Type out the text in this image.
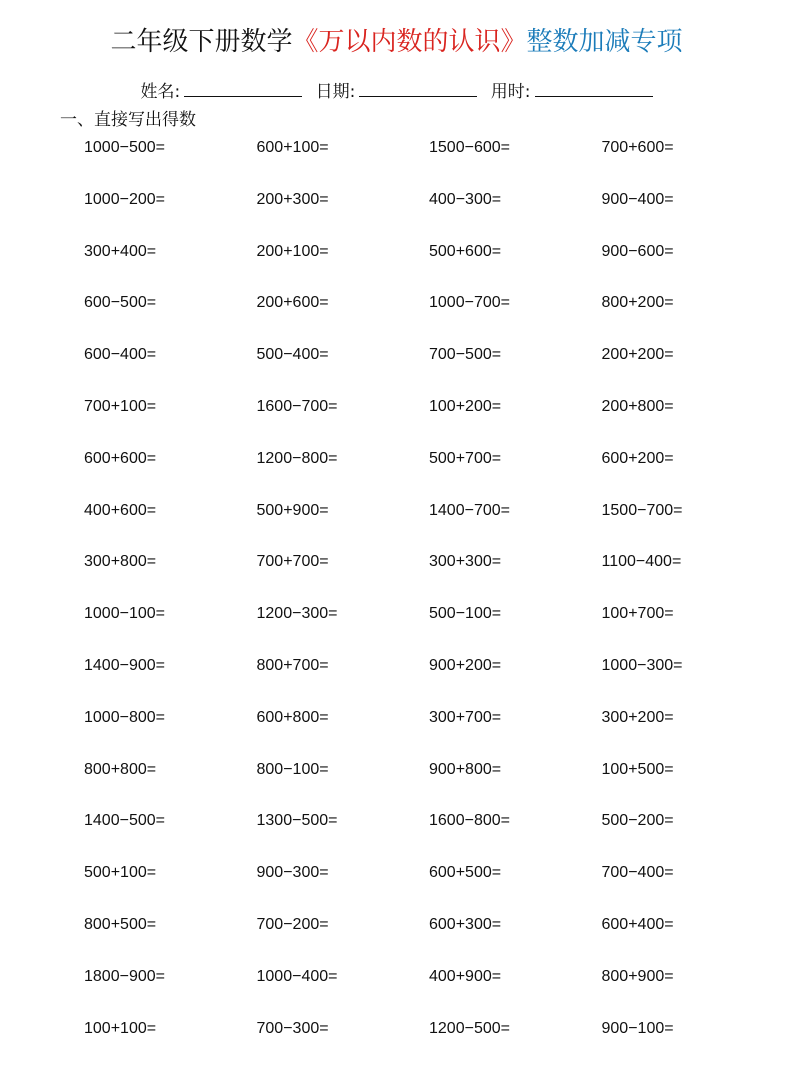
二年级下册数学《万以内数的认识》整数加减专项
姓名:	日期:	用时:
一、直接写出得数
1000−500=	600+100=	1500−600=	700+600=
1000−200=	200+300=	400−300=	900−400=
300+400=	200+100=	500+600=	900−600=
600−500=	200+600=	1000−700=	800+200=
600−400=	500−400=	700−500=	200+200=
700+100=	1600−700=	100+200=	200+800=
600+600=	1200−800=	500+700=	600+200=
400+600=	500+900=	1400−700=	1500−700=
300+800=	700+700=	300+300=	1100−400=
1000−100=	1200−300=	500−100=	100+700=
1400−900=	800+700=	900+200=	1000−300=
1000−800=	600+800=	300+700=	300+200=
800+800=	800−100=	900+800=	100+500=
1400−500=	1300−500=	1600−800=	500−200=
500+100=	900−300=	600+500=	700−400=
800+500=	700−200=	600+300=	600+400=
1800−900=	1000−400=	400+900=	800+900=
100+100=	700−300=	1200−500=	900−100=
